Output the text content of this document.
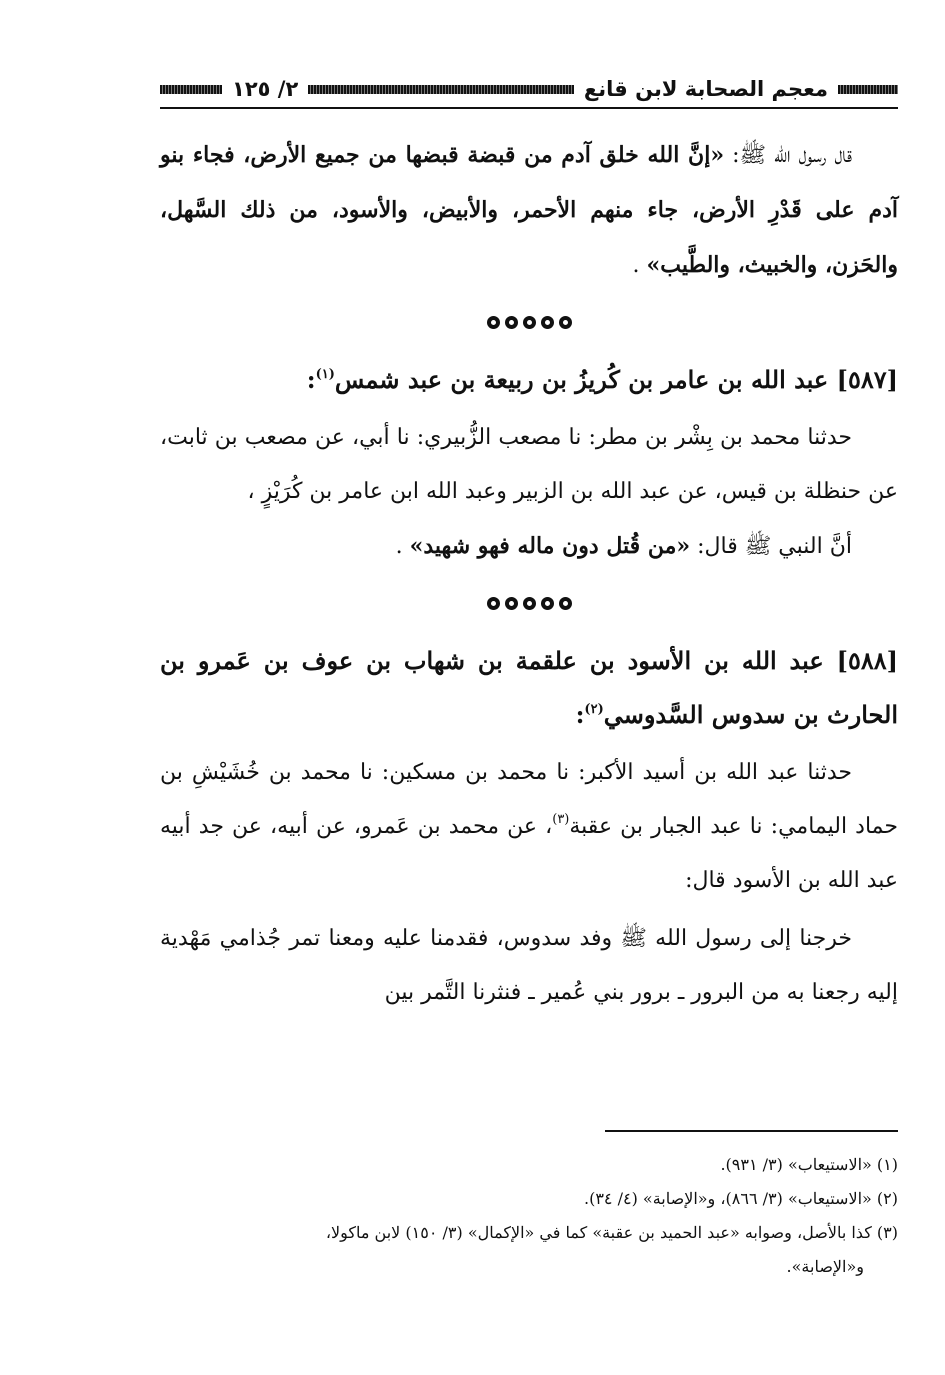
معجم الصحابة لابن قانع
٢/ ١٢٥

قال رسول الله ﷺ: «إنَّ الله خلق آدم من قبضة قبضها من جميع الأرض، فجاء بنو آدم على قَدْرِ الأرض، جاء منهم الأحمر، والأبيض، والأسود، من ذلك السَّهل، والحَزن، والخبيث، والطَّيب» .

[٥٨٧] عبد الله بن عامر بن كُريزُ بن ربيعة بن عبد شمس$^{(١)}$:

حدثنا محمد بن بِشْر بن مطر: نا مصعب الزُّبيري: نا أبي، عن مصعب بن ثابت، عن حنظلة بن قيس، عن عبد الله بن الزبير وعبد الله ابن عامر بن كُرَيْزٍ ،

أنَّ النبي ﷺ قال: «من قُتل دون ماله فهو شهيد» .

[٥٨٨] عبد الله بن الأسود بن علقمة بن شهاب بن عوف بن عَمرو بن الحارث بن سدوس السَّدوسي$^{(٢)}$:

حدثنا عبد الله بن أسيد الأكبر: نا محمد بن مسكين: نا محمد بن خُشَيْشِ بن حماد اليمامي: نا عبد الجبار بن عقبة$^{(٣)}$، عن محمد بن عَمرو، عن أبيه، عن جد أبيه عبد الله بن الأسود قال:

خرجنا إلى رسول الله ﷺ وفد سدوس، فقدمنا عليه ومعنا تمر جُذامي مَهْدية إليه رجعنا به من البرور ـ برور بني عُمير ـ فنثرنا التَّمر بين

(١) «الاستيعاب» (٣/ ٩٣١).

(٢) «الاستيعاب» (٣/ ٨٦٦)، و«الإصابة» (٤/ ٣٤).

(٣) كذا بالأصل، وصوابه «عبد الحميد بن عقبة» كما في «الإكمال» (٣/ ١٥٠) لابن ماكولا،

و«الإصابة».
